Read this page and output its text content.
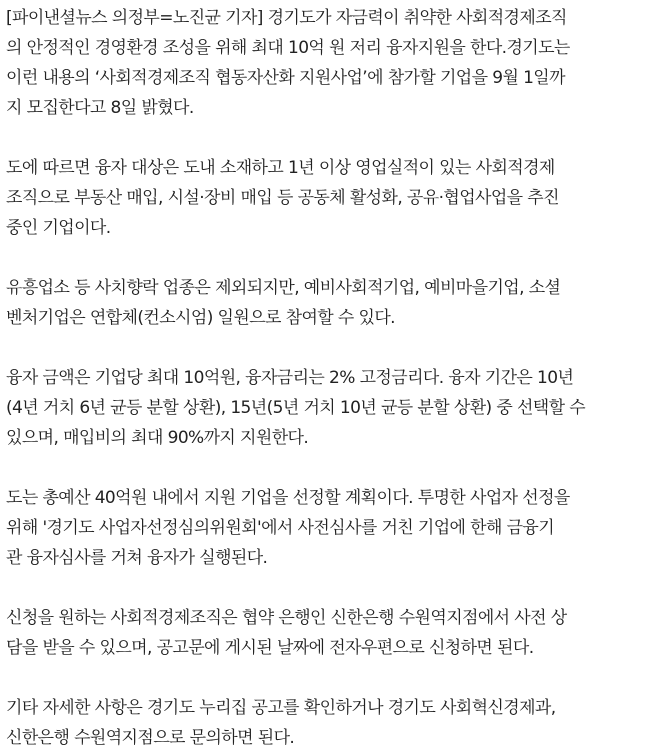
[파이낸셜뉴스 의정부=노진균 기자] 경기도가 자금력이 취약한 사회적경제조직
의 안정적인 경영환경 조성을 위해 최대 10억 원 저리 융자지원을 한다.경기도는
이런 내용의 ‘사회적경제조직 협동자산화 지원사업’에 참가할 기업을 9월 1일까
지 모집한다고 8일 밝혔다.

도에 따르면 융자 대상은 도내 소재하고 1년 이상 영업실적이 있는 사회적경제
조직으로 부동산 매입, 시설·장비 매입 등 공동체 활성화, 공유·협업사업을 추진
중인 기업이다.

유흥업소 등 사치향락 업종은 제외되지만, 예비사회적기업, 예비마을기업, 소셜
벤처기업은 연합체(컨소시엄) 일원으로 참여할 수 있다.

융자 금액은 기업당 최대 10억원, 융자금리는 2% 고정금리다. 융자 기간은 10년
(4년 거치 6년 균등 분할 상환), 15년(5년 거치 10년 균등 분할 상환) 중 선택할 수
있으며, 매입비의 최대 90%까지 지원한다.

도는 총예산 40억원 내에서 지원 기업을 선정할 계획이다. 투명한 사업자 선정을
위해 '경기도 사업자선정심의위원회'에서 사전심사를 거친 기업에 한해 금융기
관 융자심사를 거쳐 융자가 실행된다.

신청을 원하는 사회적경제조직은 협약 은행인 신한은행 수원역지점에서 사전 상
담을 받을 수 있으며, 공고문에 게시된 날짜에 전자우편으로 신청하면 된다.

기타 자세한 사항은 경기도 누리집 공고를 확인하거나 경기도 사회혁신경제과,
신한은행 수원역지점으로 문의하면 된다.
